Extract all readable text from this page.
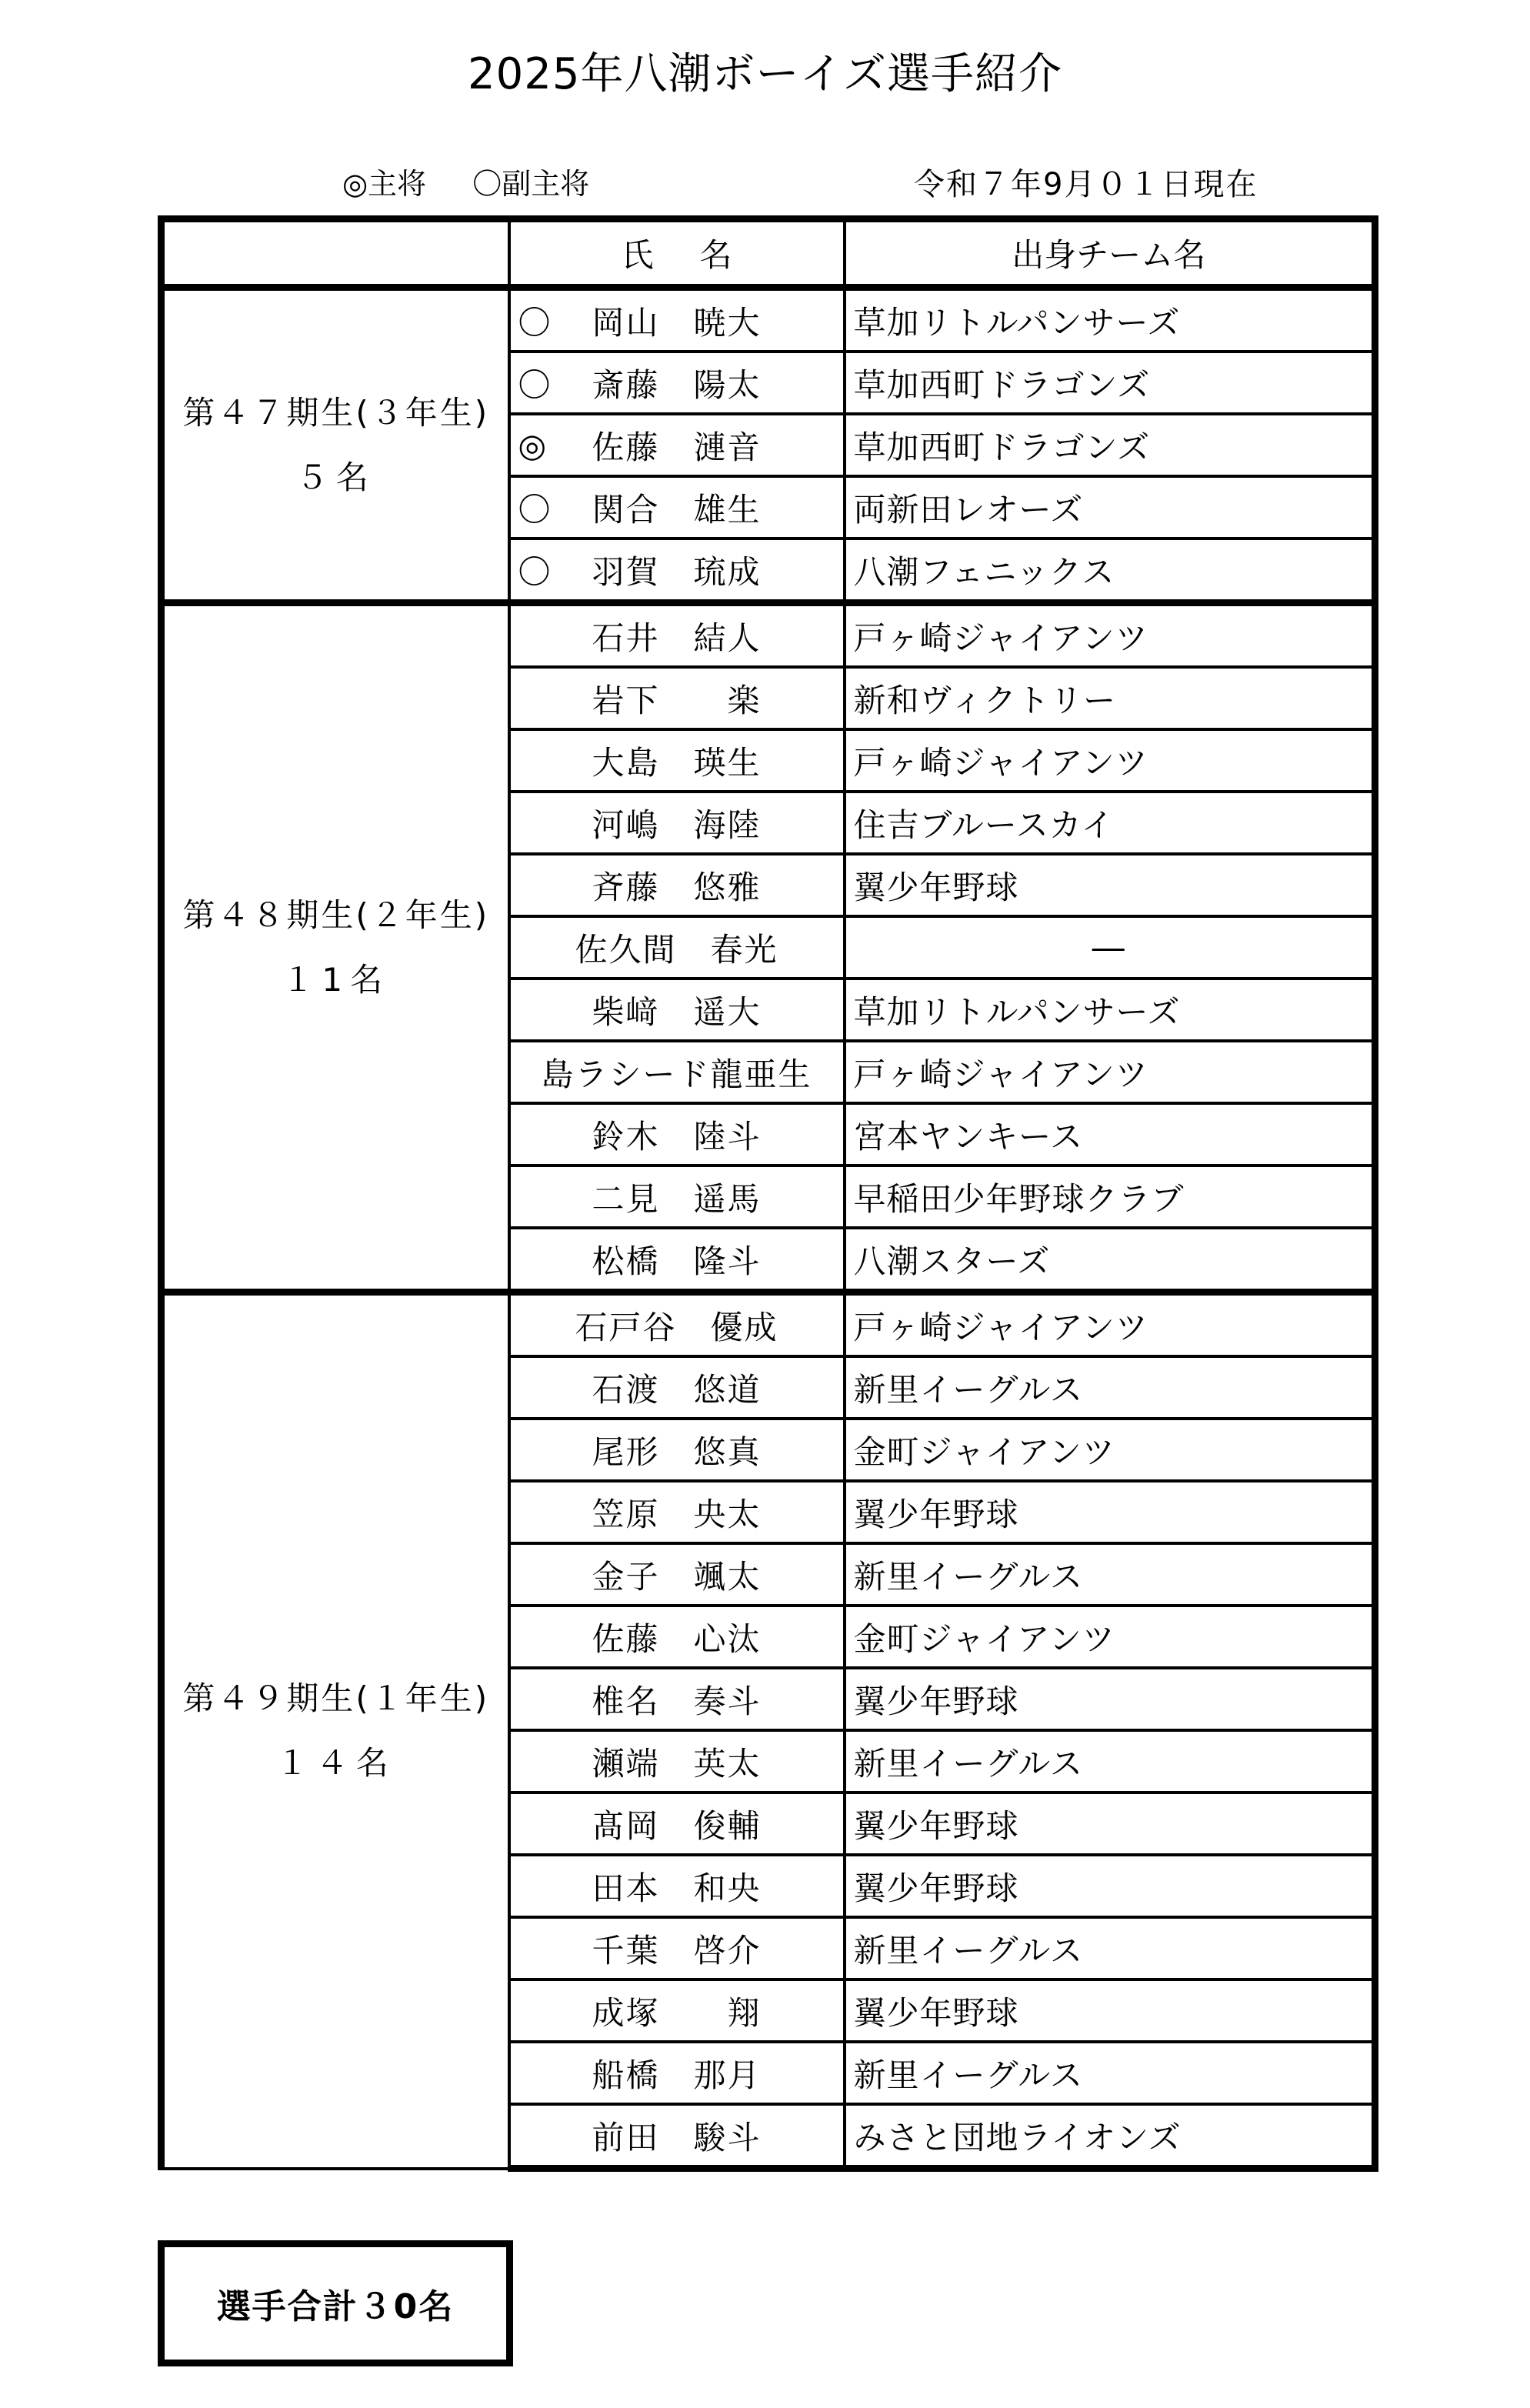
2025年八潮ボーイズ選手紹介
◎主将 〇副主将	令和７年9月０１日現在
	氏名	出身チーム名

第４７期生(３年生)
５名	〇 岡山　暁大	草加リトルパンサーズ

	〇 斎藤　陽太	草加西町ドラゴンズ

	◎ 佐藤　漣音	草加西町ドラゴンズ

	〇 関合　雄生	両新田レオーズ

	〇 羽賀　琉成	八潮フェニックス

第４８期生(２年生)
１1名	石井　結人	戸ヶ崎ジャイアンツ

	岩下　　楽	新和ヴィクトリー

	大島　瑛生	戸ヶ崎ジャイアンツ

	河嶋　海陸	住吉ブルースカイ

	斉藤　悠雅	翼少年野球

	佐久間　春光	―

	柴﨑　遥大	草加リトルパンサーズ

	島ラシード龍亜生	戸ヶ崎ジャイアンツ

	鈴木　陸斗	宮本ヤンキース

	二見　遥馬	早稲田少年野球クラブ

	松橋　隆斗	八潮スターズ

第４９期生(１年生)
１４名	石戸谷　優成	戸ヶ崎ジャイアンツ

	石渡　悠道	新里イーグルス

	尾形　悠真	金町ジャイアンツ

	笠原　央太	翼少年野球

	金子　颯太	新里イーグルス

	佐藤　心汰	金町ジャイアンツ

	椎名　奏斗	翼少年野球

	瀬端　英太	新里イーグルス

	髙岡　俊輔	翼少年野球

	田本　和央	翼少年野球

	千葉　啓介	新里イーグルス

	成塚　　翔	翼少年野球

	船橋　那月	新里イーグルス

	前田　駿斗	みさと団地ライオンズ
選手合計３0名
